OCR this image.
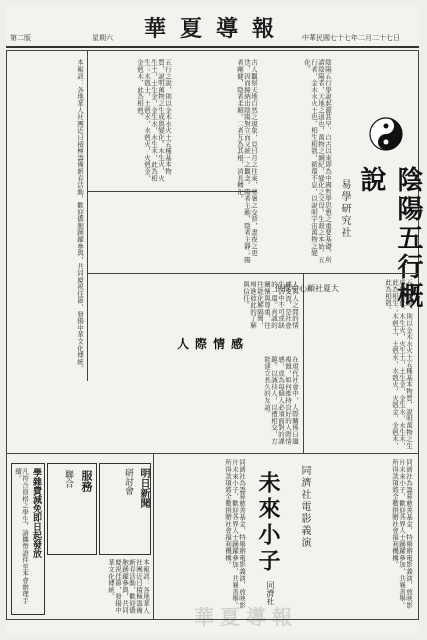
第二版	星期六	華夏導報	中華民國七十七年二月二十七日
陰陽五行概說
易學研究社
陰陽五行學說起源甚早，自古以來即為中國哲學思想之重要基礎。所謂陰陽者，天地之道也，萬物之綱紀，變化之父母，生殺之本始。五行者，金木水火土也，相生相剋，循環不息，以說明宇宙萬物之變化。
古人觀察天地自然之現象，見日月之往來，寒暑之交替，晝夜之更迭，因而歸納出陰陽對立而又統一之觀念。陽者主動，陰者主靜；陽者剛健，陰者柔順。二者互為其根，消長轉化。
五行之說，則以金木水火土五種基本物質，說明萬物之生成與變化。木生火，火生土，土生金，金生水，水生木，此為相生；木剋土，土剋水，水剋火，火剋金，金剋木，此為相剋。
本報訊：各地華人社團近日積極籌備新春活動，歡迎僑胞踴躍參與，共同慶祝佳節，發揚中華文化傳統。	五行之說，則以金木水火土五種基本物質，說明萬物之生成與變化。木生火，火生土，土生金，金生水，水生木，此為相生；木剋土，土剋水，水剋火，火剋金，金剋木，此為相剋。
人際情感
供提中心顧社夏大
人與人之間的情感交流，是社會生活中不可或缺的一環。真誠的關懷與尊重，往往能化解隔閡，增進彼此的了解與信任。
在現代社會中，人際關係日趨複雜，如何維持良好的人際情感，成為每個人必須面對的課題。以誠待人，以禮相交，方能建立長久的友誼。
未來小子	同濟社電影義演
同濟社	同濟社為籌募慈善基金，特舉辦電影義演，放映影片未來小子，歡迎各界人士踴躍參加，共襄善舉。所得款項將全數捐贈社會福利機構。
同濟社為籌募慈善基金，特舉辦電影義演，放映影片未來小子，歡迎各界人士踴躍參加，共襄善舉。所得款項將全數捐贈社會福利機構。
明日新聞
研討會
服務
聯合
學雜費減免即日起發放
凡符合資格之學生，請攜帶證件至本會辦理手續。
本報訊：各地華人社團近日積極籌備新春活動，歡迎僑胞踴躍參與，共同慶祝佳節，發揚中華文化傳統。
華夏導報
